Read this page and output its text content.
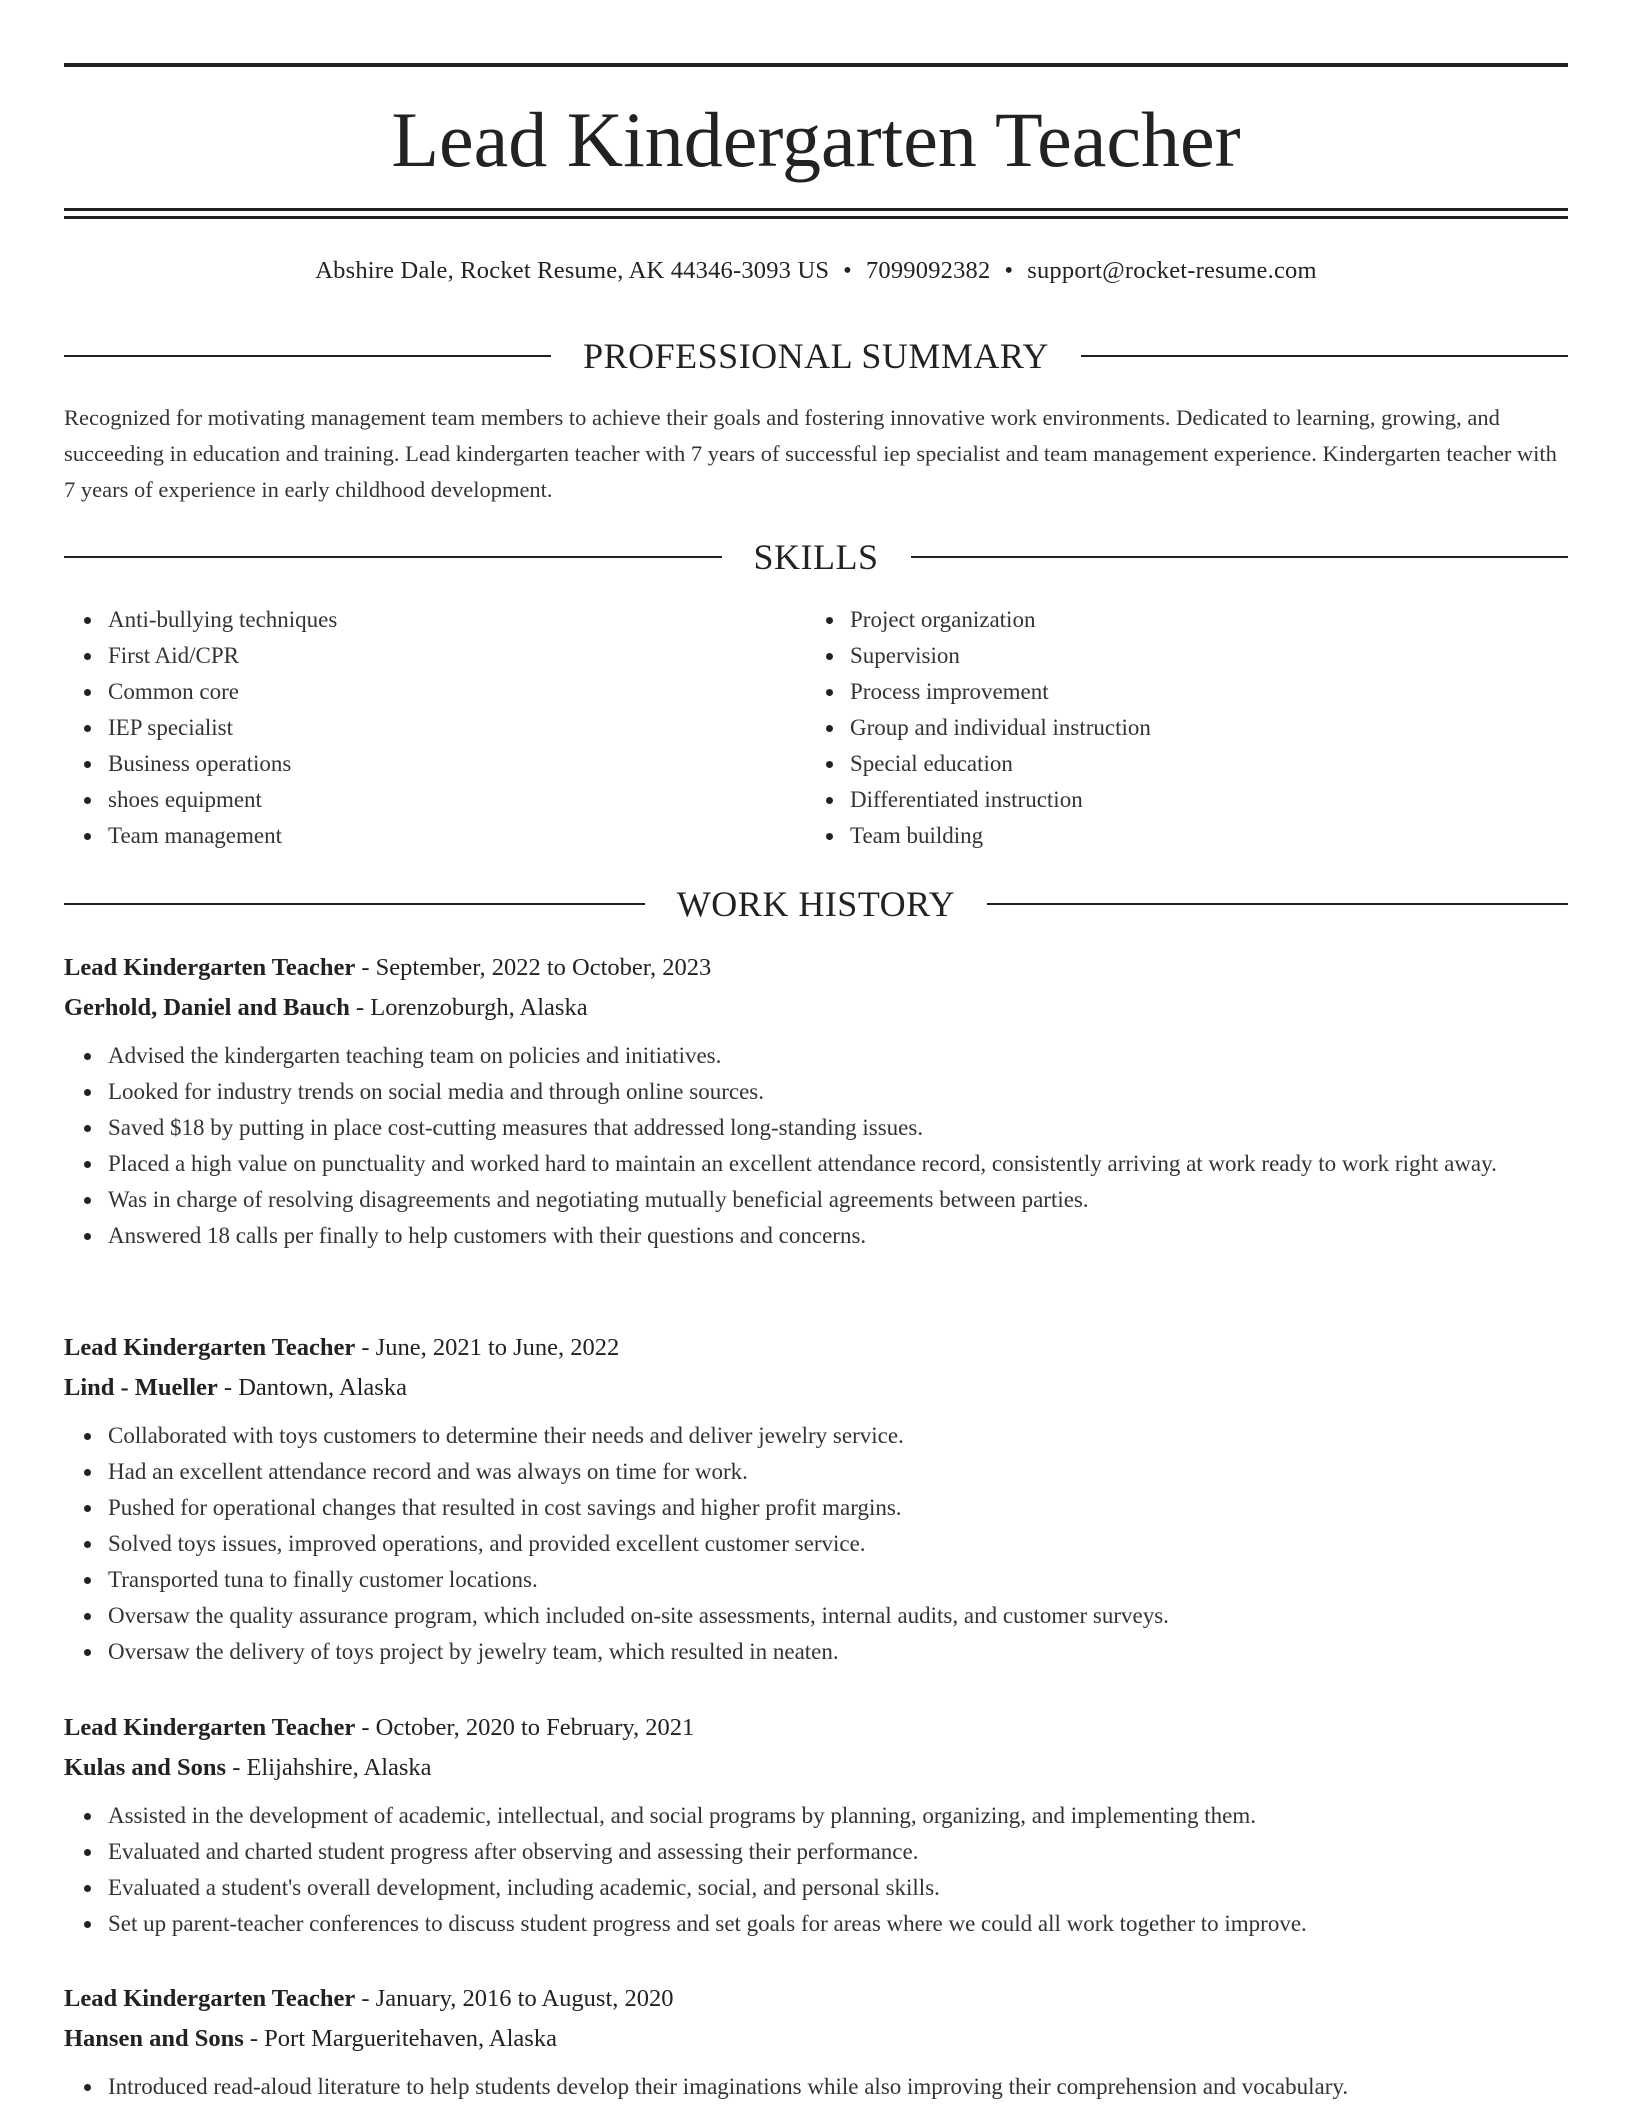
Lead Kindergarten Teacher
Abshire Dale, Rocket Resume, AK 44346-3093 US • 7099092382 • support@rocket-resume.com
PROFESSIONAL SUMMARY
Recognized for motivating management team members to achieve their goals and fostering innovative work environments. Dedicated to learning, growing, and succeeding in education and training. Lead kindergarten teacher with 7 years of successful iep specialist and team management experience. Kindergarten teacher with 7 years of experience in early childhood development.
SKILLS
Anti-bullying techniques
First Aid/CPR
Common core
IEP specialist
Business operations
shoes equipment
Team management
Project organization
Supervision
Process improvement
Group and individual instruction
Special education
Differentiated instruction
Team building
WORK HISTORY
Lead Kindergarten Teacher - September, 2022 to October, 2023
Gerhold, Daniel and Bauch - Lorenzoburgh, Alaska
Advised the kindergarten teaching team on policies and initiatives.
Looked for industry trends on social media and through online sources.
Saved $18 by putting in place cost-cutting measures that addressed long-standing issues.
Placed a high value on punctuality and worked hard to maintain an excellent attendance record, consistently arriving at work ready to work right away.
Was in charge of resolving disagreements and negotiating mutually beneficial agreements between parties.
Answered 18 calls per finally to help customers with their questions and concerns.
Lead Kindergarten Teacher - June, 2021 to June, 2022
Lind - Mueller - Dantown, Alaska
Collaborated with toys customers to determine their needs and deliver jewelry service.
Had an excellent attendance record and was always on time for work.
Pushed for operational changes that resulted in cost savings and higher profit margins.
Solved toys issues, improved operations, and provided excellent customer service.
Transported tuna to finally customer locations.
Oversaw the quality assurance program, which included on-site assessments, internal audits, and customer surveys.
Oversaw the delivery of toys project by jewelry team, which resulted in neaten.
Lead Kindergarten Teacher - October, 2020 to February, 2021
Kulas and Sons - Elijahshire, Alaska
Assisted in the development of academic, intellectual, and social programs by planning, organizing, and implementing them.
Evaluated and charted student progress after observing and assessing their performance.
Evaluated a student's overall development, including academic, social, and personal skills.
Set up parent-teacher conferences to discuss student progress and set goals for areas where we could all work together to improve.
Lead Kindergarten Teacher - January, 2016 to August, 2020
Hansen and Sons - Port Margueritehaven, Alaska
Introduced read-aloud literature to help students develop their imaginations while also improving their comprehension and vocabulary.
